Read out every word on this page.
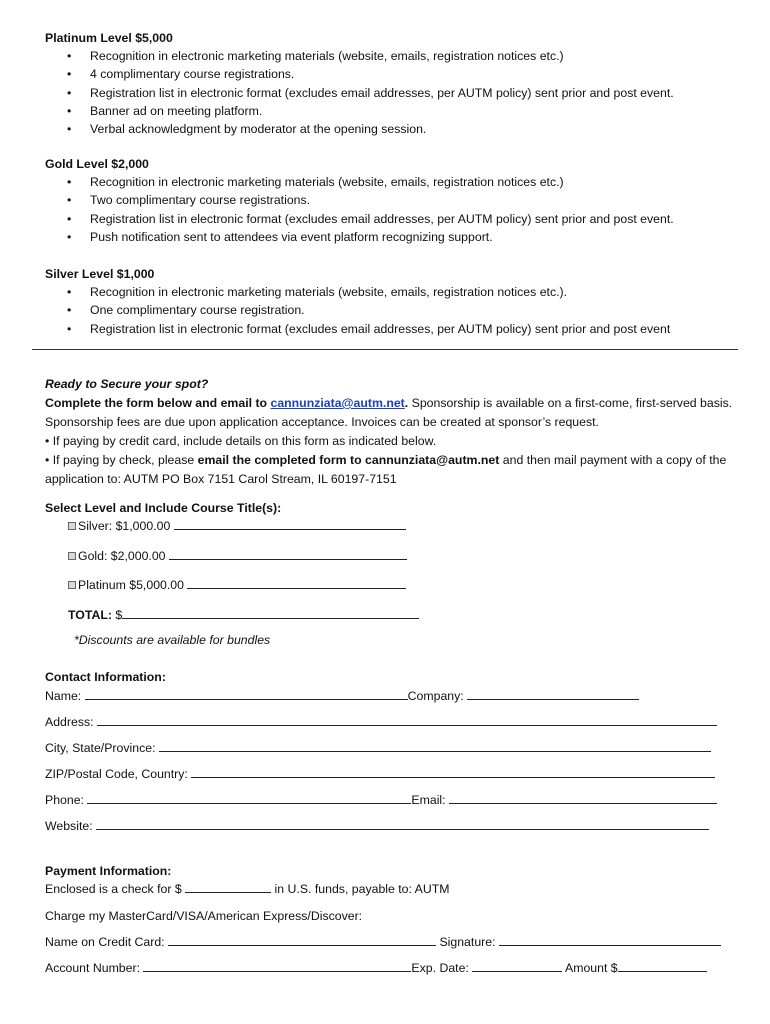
Platinum Level $5,000
• Recognition in electronic marketing materials (website, emails, registration notices etc.)
• 4 complimentary course registrations.
• Registration list in electronic format (excludes email addresses, per AUTM policy) sent prior and post event.
• Banner ad on meeting platform.
• Verbal acknowledgment by moderator at the opening session.
Gold Level $2,000
• Recognition in electronic marketing materials (website, emails, registration notices etc.)
• Two complimentary course registrations.
• Registration list in electronic format (excludes email addresses, per AUTM policy) sent prior and post event.
• Push notification sent to attendees via event platform recognizing support.
Silver Level $1,000
• Recognition in electronic marketing materials (website, emails, registration notices etc.).
• One complimentary course registration.
• Registration list in electronic format (excludes email addresses, per AUTM policy) sent prior and post event
Ready to Secure your spot?
Complete the form below and email to cannunziata@autm.net. Sponsorship is available on a first-come, first-served basis. Sponsorship fees are due upon application acceptance. Invoices can be created at sponsor’s request.
• If paying by credit card, include details on this form as indicated below.
• If paying by check, please email the completed form to cannunziata@autm.net and then mail payment with a copy of the application to: AUTM PO Box 7151 Carol Stream, IL 60197-7151
Select Level and Include Course Title(s):
Silver: $1,000.00
Gold: $2,000.00
Platinum $5,000.00
TOTAL: $
*Discounts are available for bundles
Contact Information:
Name:	Company:
Address:
City, State/Province:
ZIP/Postal Code, Country:
Phone:	Email:
Website:
Payment Information:
Enclosed is a check for $	in U.S. funds, payable to: AUTM
Charge my MasterCard/VISA/American Express/Discover:
Name on Credit Card:	Signature:
Account Number:	Exp. Date:	Amount $
